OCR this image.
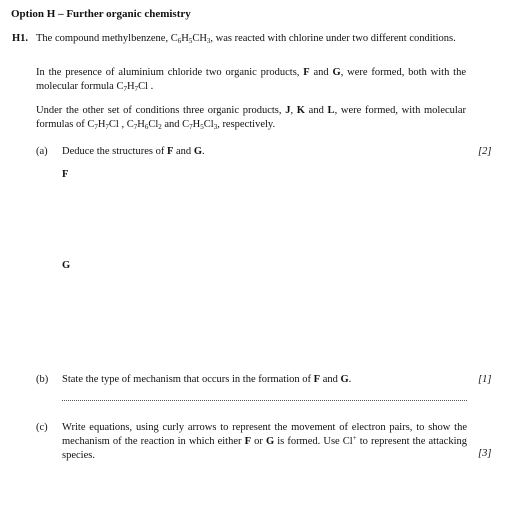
Option H – Further organic chemistry
H1. The compound methylbenzene, $C_6H_5CH_3$, was reacted with chlorine under two different conditions.
In the presence of aluminium chloride two organic products, F and G, were formed, both with the molecular formula $C_7H_7Cl$ .
Under the other set of conditions three organic products, J, K and L, were formed, with molecular formulas of $C_7H_7Cl$ , $C_7H_6Cl_2$ and $C_7H_5Cl_3$, respectively.
(a) Deduce the structures of F and G.	[2]
F
G
(b) State the type of mechanism that occurs in the formation of F and G.	[1]
(c) Write equations, using curly arrows to represent the movement of electron pairs, to show the mechanism of the reaction in which either F or G is formed. Use Cl+ to represent the attacking species.	[3]
